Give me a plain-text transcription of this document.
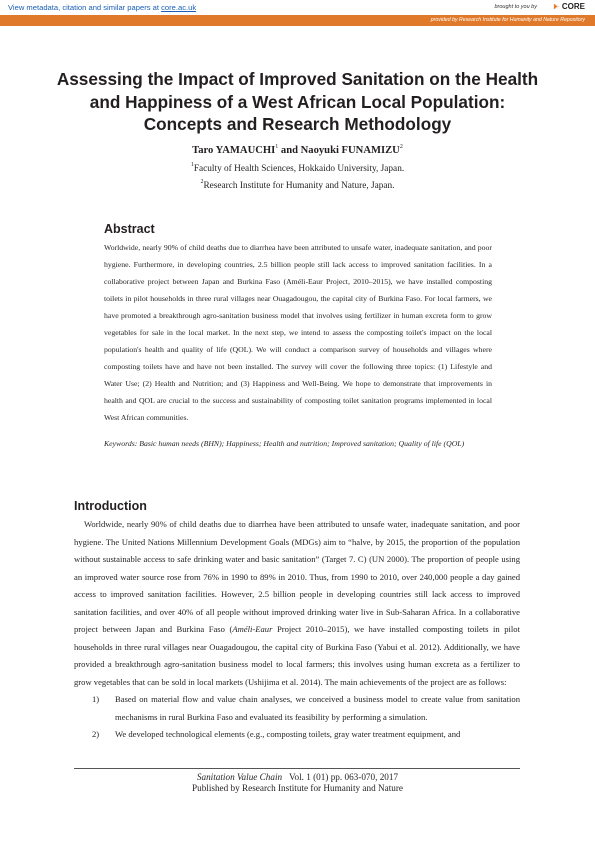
View metadata, citation and similar papers at core.ac.uk	brought to you by	CORE
provided by Research Institute for Humanity and Nature Repository
Assessing the Impact of Improved Sanitation on the Health and Happiness of a West African Local Population: Concepts and Research Methodology
Taro YAMAUCHI$^1$ and Naoyuki FUNAMIZU$^2$
$^1$Faculty of Health Sciences, Hokkaido University, Japan.
$^2$Research Institute for Humanity and Nature, Japan.
Abstract

Worldwide, nearly 90% of child deaths due to diarrhea have been attributed to unsafe water, inadequate sanitation, and poor hygiene. Furthermore, in developing countries, 2.5 billion people still lack access to improved sanitation facilities. In a collaborative project between Japan and Burkina Faso (Améli-Eaur Project, 2010–2015), we have installed composting toilets in pilot households in three rural villages near Ouagadougou, the capital city of Burkina Faso. For local farmers, we have promoted a breakthrough agro-sanitation business model that involves using fertilizer in human excreta form to grow vegetables for sale in the local market. In the next step, we intend to assess the composting toilet's impact on the local population's health and quality of life (QOL). We will conduct a comparison survey of households and villages where composting toilets have and have not been installed. The survey will cover the following three topics: (1) Lifestyle and Water Use; (2) Health and Nutrition; and (3) Happiness and Well-Being. We hope to demonstrate that improvements in health and QOL are crucial to the success and sustainability of composting toilet sanitation programs implemented in local West African communities.

Keywords: Basic human needs (BHN); Happiness; Health and nutrition; Improved sanitation; Quality of life (QOL)
Introduction

Worldwide, nearly 90% of child deaths due to diarrhea have been attributed to unsafe water, inadequate sanitation, and poor hygiene. The United Nations Millennium Development Goals (MDGs) aim to “halve, by 2015, the proportion of the population without sustainable access to safe drinking water and basic sanitation” (Target 7. C) (UN 2000). The proportion of people using an improved water source rose from 76% in 1990 to 89% in 2010. Thus, from 1990 to 2010, over 240,000 people a day gained access to improved sanitation facilities. However, 2.5 billion people in developing countries still lack access to improved sanitation facilities, and over 40% of all people without improved drinking water live in Sub-Saharan Africa. In a collaborative project between Japan and Burkina Faso (Améli-Eaur Project 2010–2015), we have installed composting toilets in pilot households in three rural villages near Ouagadougou, the capital city of Burkina Faso (Yabui et al. 2012). Additionally, we have provided a breakthrough agro-sanitation business model to local farmers; this involves using human excreta as a fertilizer to grow vegetables that can be sold in local markets (Ushijima et al. 2014). The main achievements of the project are as follows:

1) Based on material flow and value chain analyses, we conceived a business model to create value from sanitation mechanisms in rural Burkina Faso and evaluated its feasibility by performing a simulation.
2) We developed technological elements (e.g., composting toilets, gray water treatment equipment, and
Sanitation Value Chain Vol. 1 (01) pp. 063-070, 2017
Published by Research Institute for Humanity and Nature
